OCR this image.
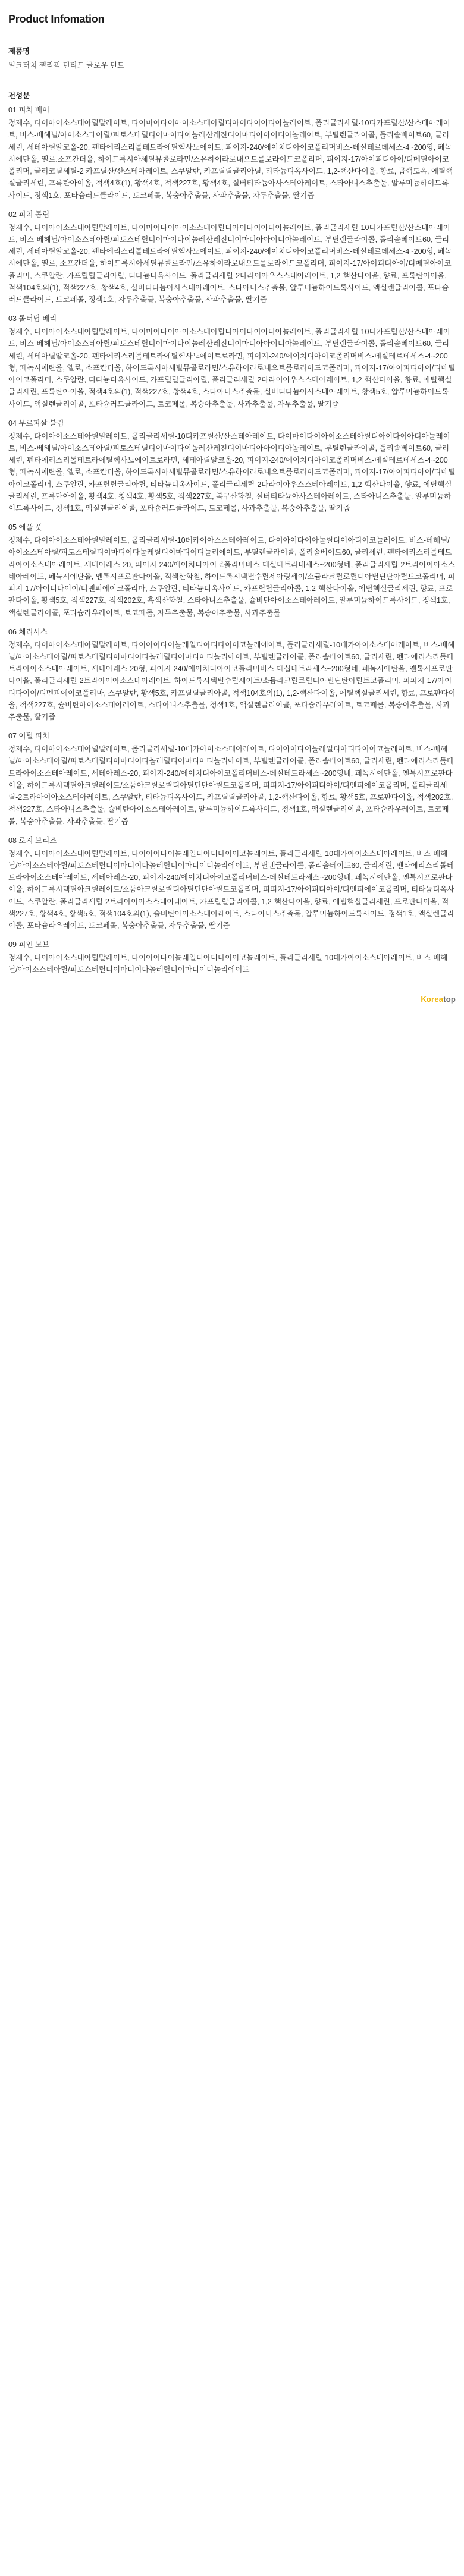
Product Infomation
제품명
밀크터치 젤리픽 틴티드 글로우 틴트
전성분
01 피치 베어
정제수, 다이아이소스테아릴말레이트, 다이마이다이아이소스테아릴디아이다이아디아놀레이트, 폴리글리세릴-10디카프릴산/산스테아레이트, 비스-베헤닐/아이소스테아릴/피토스테릴디이마이다이놀레산레진디이마디아아이디아놀레이트, 부틸렌글라이콜, 폴리솔베이트60, 글리세린, 세테아릴알코올-20, 펜타에리스리톨테트라에틸헥사노에이트, 피이지-240/에이치디아이코폴리머비스-데실테르데세스-4~200형, 페녹시에탄올, 옐로.소프칸더올, 하이드록시아세틸뮤콜로라민/스유하이라로내으트를로라이드코폴리머, 피이지-17/아이피디아이/디메틸아이코폴리머, 글리코릴세틸-2 카프릴산/산스테아레이트, 스쿠알란, 카프릴릴글리아릴, 티타늄디옥사이드, 1,2-핵산다이올, 향료, 곱핵도옥, 에틸핵실글리세린, 프록탄아이올, 적색4호(1), 황색4호, 적색227호, 황색4호, 실버티타늄아사스테아레이트, 스타아니스추출물, 알루미늄하이드록사이드, 정색1호, 포타슘러드클라이드, 토코페롤, 복숭아추출물, 사과추출물, 자두추출물, 딸기즙
02 피치 톱립
정제수, 다이아이소스테아릴말레이트, 다이마이다이아이소스테아릴디아이다이아디아놀레이트, 폴리글리세릴-10디카프릴산/산스테아레이트, 비스-베헤닐/아이소스테아릴/피토스테릴디이마이다이놀레산레진디이마디아아이디아놀레이트, 부틸렌글라이콜, 폴리솔베이트60, 글리세린, 세테아릴알코올-20, 펜타에리스리톨테트라에틸헥사노에이트, 피이지-240/에이치디아이코폴리머비스-데실테르데세스-4~200형, 페녹시에탄올, 옐로, 소프칸더올, 하이드록시아세틸뮤콜로라민/스유하이라로내으트를로라이드코폴리머, 피이지-17/아이피디아이/디메틸아이코폴리머, 스쿠알란, 카프릴릴글리아릴, 티타늄디옥사이드, 폴리글리세릴-2다라이아우스스테아레이트, 1,2-핵산다이올, 향료, 프록탄아이올, 적색104호의(1), 적색227호, 황색4호, 실버티타늄아사스테아레이트, 스타아니스추출물, 알루미늄하이드록사이드, 액실렌글리이콜, 포타슘러드클라이드, 토코페롤, 정색1호, 자두추출물, 복숭아추출물, 사과추출물, 딸기즙
03 롤터딥 베리
정제수, 다이아이소스테아릴말레이트, 다이마이다이아이소스테아릴디아이다이아디아놀레이트, 폴리글리세릴-10디카프릴산/산스테아레이트, 비스-베헤닐/아이소스테아릴/피토스테릴디이마이다이놀레산레진디이마디아아이디아놀레이트, 부틸렌글라이콜, 폴리솔베이트60, 글리세린, 세테아릴알코올-20, 펜타에리스리톨테트라에틸헥사노에이트로라민, 피이지-240/에이치디아이코폴리머비스-데실테르데세스-4~200형, 페녹시에탄올, 옐로, 소프칸더올, 하이드록시아세틸뮤콜로라민/스유하이라로내으트를로라이드코폴리머, 피이지-17/아이피디아이/디메틸아이코폴리머, 스쿠알란, 티타늄디옥사이드, 카프릴릴글리아릴, 폴리글리세릴-2다라이아우스스테아레이트, 1,2-핵산다이올, 향료, 에틸핵실글리세린, 프록탄아이올, 적색4호의(1), 적색227호, 황색4호, 스타아니스추출물, 실버티타늄아사스테아레이트, 황색5호, 알루미늄하이드록사이드, 액실렌글리이콜, 포타슘러드클라이드, 토코페롤, 복숭아추출물, 사과추출물, 자두추출물, 딸기즙
04 무르피살 블럼
정제수, 다이아이소스테아릴말레이트, 폴리글리세릴-10디카프릴산/산스테아레이트, 다이마이다이아이소스테아릴디아이다이아디아놀레이트, 비스-베헤닐/아이소스테아릴/피토스테릴디이마이다이놀레산레진디이마디아아이디아놀레이트, 부틸렌글라이콜, 폴리솔베이트60, 글리세린, 펜타에리스리톨테트라에틸헥사노에이트로라민, 세테아릴알코올-20, 피이지-240/에이치디아이코폴리머비스-데실테르데세스-4~200형, 페녹시에탄올, 옐로, 소프칸더올, 하이드록시아세틸뮤콜로라민/스유하이라로내으트를로라이드코폴리머, 피이지-17/아이피디아이/디메틸아이코폴리머, 스쿠알란, 카프릴릴글리아릴, 티타늄디옥사이드, 폴리글리세릴-2다라이아우스스테아레이트, 1,2-핵산다이올, 향료, 에틸핵실글리세린, 프록탄아이올, 황색4호, 청색4호, 황색5호, 적색227호, 복구산화철, 실버티타늄아사스테아레이트, 스타아니스추출물, 알루미늄하이드록사이드, 정색1호, 액실렌글리이콜, 포타슘러드클라이드, 토코페롤, 사과추출물, 복숭아추출물, 딸기즙
05 에플 풋
정제수, 다이아이소스테아릴말레이트, 폴리글리세릴-10데카이아스스테아레이트, 다이아이다이아놀릴디이아디이코놀레이트, 비스-베헤닐/아이소스테아릴/피토스테릴디이마디이다놀레릴디이마디이디놀리에이트, 부틸렌글라이콜, 폴리솔베이트60, 글리세린, 펜타에리스리톨테트라아이소스테아레이트, 세테아레스-20, 피이지-240/에이치디아이코폴리머비스-데실테트라테세스~200형네, 폴리글리세릴-2트라아이아소스테아레이트, 페녹시에탄올, 옌톡시프로판다이올, 적색산화철, 하이드록시텍틸수릴세아링세이/소듐라크릴로릴디아틸딘탄아릴트코폴리머, 피피지-17/아이디다이이/디멘피에이코폴리마, 스쿠알란, 티타늄디옥사이드, 카프릴릴글리아콜, 1,2-핵산다이올, 에틸핵실글리세린, 향료, 프로판다이올, 황색5호, 적색227호, 적색202호, 흑색산화철, 스타아니스추출물, 슐비탄아이소스테아레이트, 알루미늄하이드록사이드, 정색1호, 액실렌글리이콜, 포타슘라우레이트, 토코페롤, 자두추출물, 복숭아추출물, 사과추출물
06 체리서스
정제수, 다이아이소스테아릴말레이트, 다이아이다이놀레일디아디다이이코놀레에이트, 폴리글리세릴-10데카아이소스테아레이트, 비스-베헤닐/아이소스테아릴/피토스테릴디이마디이다놀레릴디이마디이디놀리에이트, 부틸렌글라이콜, 폴리솔베이트60, 글리세린, 펜타에리스리톨테트라아이소스테아레이트, 세테아레스-20형, 피이지-240/에이치디아이코폴리머비스-데실테트라세스~200형네, 페녹시에탄올, 옌톡시프로판다이올, 폴리글리세릴-2트라아이아소스테아레이트, 하이드록시텍틸수릴세이트/소듐라크릴로릴디아틸딘탄아릴트코폴리머, 피피지-17/아이디다이이/디멘피에이코폴리마, 스쿠알란, 황색5호, 카프릴릴글리아콜, 적색104호의(1), 1,2-핵산다이올, 에틸핵실글리세린, 향료, 프로판다이올, 적색227호, 슐비탄아이소스테아레이트, 스타아니스추출물, 청색1호, 액실렌글리이콜, 포타슘라우레이트, 토코페롤, 복숭아추출물, 사과추출물, 딸기즙
07 어털 피치
정제수, 다이아이소스테아릴말레이트, 폴리글리세릴-10데카아이소스테아레이트, 다이아이다이놀레일디아디다이이코놀레이트, 비스-베헤닐/아이소스테아릴/피토스테릴디이마디이다놀레릴디이마디이디놀리에이트, 부틸렌글라이콜, 폴리솔베이트60, 글리세린, 펜타에리스리톨테트라아이소스테아레이트, 세테아레스-20, 피이지-240/에이치디아이코폴리머비스-데실테트라세스~200형네, 페녹시에탄올, 옌톡시프로판다이올, 하이드록시텍틸아크릴레이트/소듐아크릴로릴디아틸딘탄아릴트코폴리머, 피피지-17/아이피디아이/디멘피에이코폴리머, 폴리글리세릴-2트라아이아소스테아레이트, 스쿠알란, 티타늄디옥사이드, 카프릴릴글리아콜, 1,2-핵산다이올, 향료, 황색5호, 프로판다이올, 적색202호, 적색227호, 스타아니스추출물, 슐비탄아이소스테아레이트, 알루미늄하이드록사이드, 정색1호, 액실렌글리이콜, 포타슘라우레이트, 토코페롤, 복숭아추출물, 사과추출물, 딸기즙
08 로지 브리즈
정제수, 다이아이소스테아릴말레이트, 다이아이다이놀레일디아디다이이코놀레이트, 폴리글리세릴-10데카아이소스테아레이트, 비스-베헤닐/아이소스테아릴/피토스테릴디이마디이다놀레릴디이마디이디놀리에이트, 부틸렌글라이콜, 폴리솔베이트60, 글리세린, 펜타에리스리톨테트라아이소스테아레이트, 세테아레스-20, 피이지-240/에이치디아이코폴리머비스-데실테트라세스~200형네, 페녹시에탄올, 옌톡시프로판다이올, 하이드록시텍틸아크릴레이트/소듐아크릴로릴디아틸딘탄아릴트코폴리머, 피피지-17/아이피디아이/디멘피에이코폴리머, 티타늄디옥사이드, 스쿠알란, 폴리글리세릴-2트라아이아소스테아레이트, 카프릴릴글리아콜, 1,2-핵산다이올, 향료, 에틸핵실글리세린, 프로판다이올, 적색227호, 황색4호, 황색5호, 적색104호의(1), 슐비탄아이소스테아레이트, 스타아니스추출물, 알루미늄하이드록사이드, 정색1호, 액실렌글리이콜, 포타슘라우레이트, 토코페롤, 복숭아추출물, 자두추출물, 딸기즙
09 피인 모브
정제수, 다이아이소스테아릴말레이트, 다이아이다이놀레일디아디다이이코놀레이트, 폴리글리세릴-10데카아이소스테아레이트, 비스-베헤닐/아이소스테아릴/피토스테릴디이마디이다놀레릴디이마디이디놀리에이트
Koreatop
